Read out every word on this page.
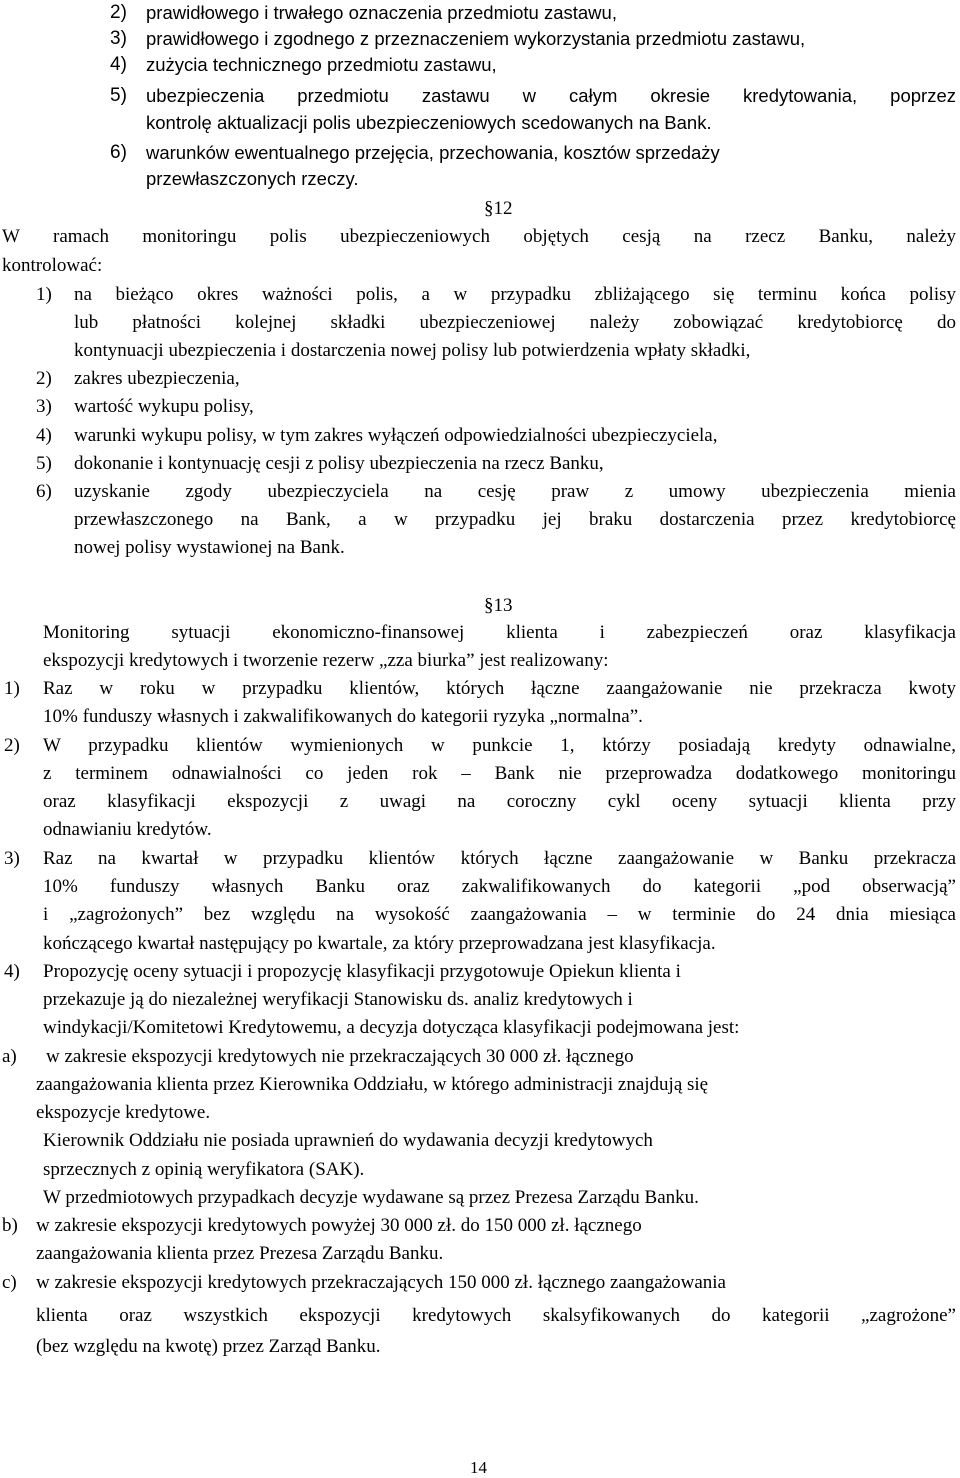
2) prawidłowego i trwałego oznaczenia przedmiotu zastawu,
3) prawidłowego i zgodnego z przeznaczeniem wykorzystania przedmiotu zastawu,
4) zużycia technicznego przedmiotu zastawu,
5) ubezpieczenia przedmiotu zastawu w całym okresie kredytowania, poprzez
kontrolę aktualizacji polis ubezpieczeniowych scedowanych na Bank.
6) warunków ewentualnego przejęcia, przechowania, kosztów sprzedaży
przewłaszczonych rzeczy.
§12
W ramach monitoringu polis ubezpieczeniowych objętych cesją na rzecz Banku, należy
kontrolować:
1) na bieżąco okres ważności polis, a w przypadku zbliżającego się terminu końca polisy
lub płatności kolejnej składki ubezpieczeniowej należy zobowiązać kredytobiorcę do
kontynuacji ubezpieczenia i dostarczenia nowej polisy lub potwierdzenia wpłaty składki,
2) zakres ubezpieczenia,
3) wartość wykupu polisy,
4) warunki wykupu polisy, w tym zakres wyłączeń odpowiedzialności ubezpieczyciela,
5) dokonanie i kontynuację cesji z polisy ubezpieczenia na rzecz Banku,
6) uzyskanie zgody ubezpieczyciela na cesję praw z umowy ubezpieczenia mienia
przewłaszczonego na Bank, a w przypadku jej braku dostarczenia przez kredytobiorcę
nowej polisy wystawionej na Bank.
§13
Monitoring sytuacji ekonomiczno-finansowej klienta i zabezpieczeń oraz klasyfikacja
ekspozycji kredytowych i tworzenie rezerw „zza biurka” jest realizowany:
1) Raz w roku w przypadku klientów, których łączne zaangażowanie nie przekracza kwoty
10% funduszy własnych i zakwalifikowanych do kategorii ryzyka „normalna”.
2) W przypadku klientów wymienionych w punkcie 1, którzy posiadają kredyty odnawialne,
z terminem odnawialności co jeden rok – Bank nie przeprowadza dodatkowego monitoringu
oraz klasyfikacji ekspozycji z uwagi na coroczny cykl oceny sytuacji klienta przy
odnawianiu kredytów.
3) Raz na kwartał w przypadku klientów których łączne zaangażowanie w Banku przekracza
10% funduszy własnych Banku oraz zakwalifikowanych do kategorii „pod obserwacją”
i „zagrożonych” bez względu na wysokość zaangażowania – w terminie do 24 dnia miesiąca
kończącego kwartał następujący po kwartale, za który przeprowadzana jest klasyfikacja.
4) Propozycję oceny sytuacji i propozycję klasyfikacji przygotowuje Opiekun klienta i
przekazuje ją do niezależnej weryfikacji Stanowisku ds. analiz kredytowych i
windykacji/Komitetowi Kredytowemu, a decyzja dotycząca klasyfikacji podejmowana jest:
a) w zakresie ekspozycji kredytowych nie przekraczających 30 000 zł. łącznego
zaangażowania klienta przez Kierownika Oddziału, w którego administracji znajdują się
ekspozycje kredytowe.
Kierownik Oddziału nie posiada uprawnień do wydawania decyzji kredytowych
sprzecznych z opinią weryfikatora (SAK).
W przedmiotowych przypadkach decyzje wydawane są przez Prezesa Zarządu Banku.
b) w zakresie ekspozycji kredytowych powyżej 30 000 zł. do 150 000 zł. łącznego
zaangażowania klienta przez Prezesa Zarządu Banku.
c) w zakresie ekspozycji kredytowych przekraczających 150 000 zł. łącznego zaangażowania
klienta oraz wszystkich ekspozycji kredytowych skalsyfikowanych do kategorii „zagrożone”
(bez względu na kwotę) przez Zarząd Banku.
14
